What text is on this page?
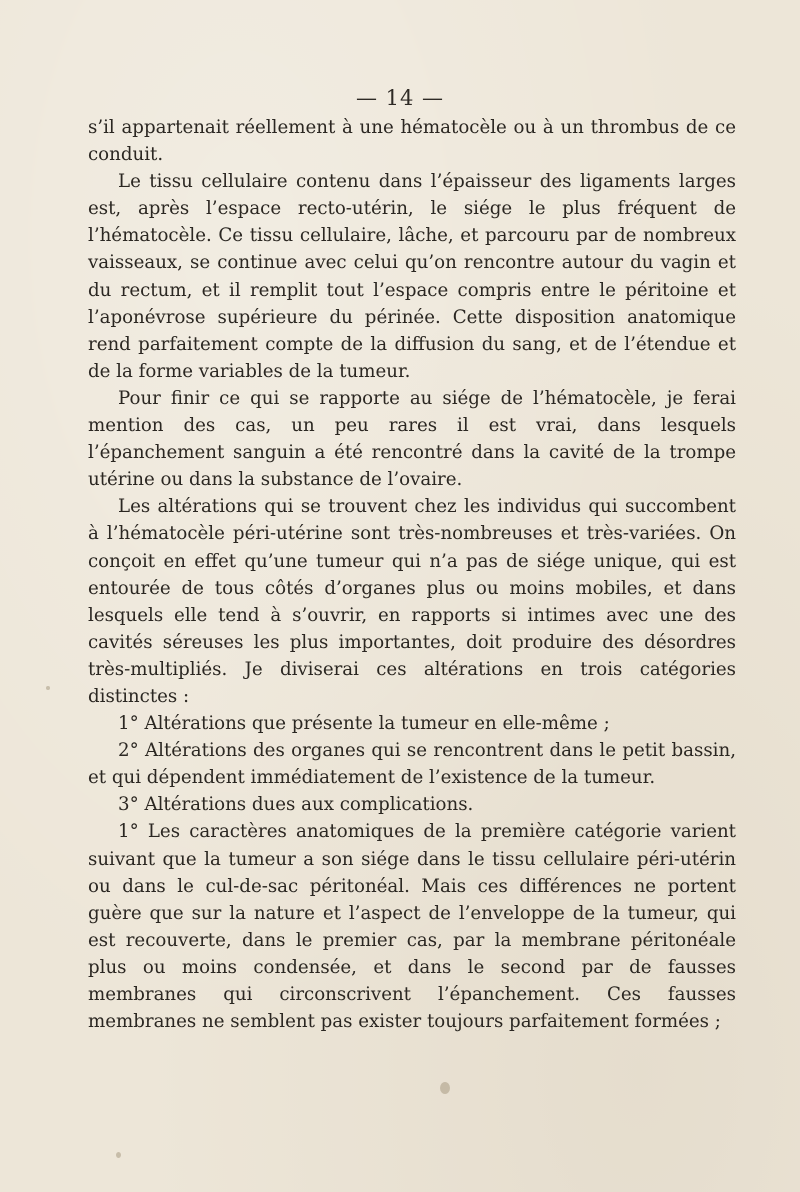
— 14 —

s’il appartenait réellement à une hématocèle ou à un thrombus de ce conduit.

Le tissu cellulaire contenu dans l’épaisseur des ligaments larges est, après l’espace recto-utérin, le siége le plus fréquent de l’hématocèle. Ce tissu cellulaire, lâche, et parcouru par de nombreux vaisseaux, se continue avec celui qu’on rencontre autour du vagin et du rectum, et il remplit tout l’espace compris entre le péritoine et l’aponévrose supérieure du périnée. Cette disposition anatomique rend parfaitement compte de la diffusion du sang, et de l’étendue et de la forme variables de la tumeur.

Pour finir ce qui se rapporte au siége de l’hématocèle, je ferai mention des cas, un peu rares il est vrai, dans lesquels l’épanchement sanguin a été rencontré dans la cavité de la trompe utérine ou dans la substance de l’ovaire.

Les altérations qui se trouvent chez les individus qui succombent à l’hématocèle péri-utérine sont très-nombreuses et très-variées. On conçoit en effet qu’une tumeur qui n’a pas de siége unique, qui est entourée de tous côtés d’organes plus ou moins mobiles, et dans lesquels elle tend à s’ouvrir, en rapports si intimes avec une des cavités séreuses les plus importantes, doit produire des désordres très-multipliés. Je diviserai ces altérations en trois catégories distinctes :

1° Altérations que présente la tumeur en elle-même ;

2° Altérations des organes qui se rencontrent dans le petit bassin, et qui dépendent immédiatement de l’existence de la tumeur.

3° Altérations dues aux complications.

1° Les caractères anatomiques de la première catégorie varient suivant que la tumeur a son siége dans le tissu cellulaire péri-utérin ou dans le cul-de-sac péritonéal. Mais ces différences ne portent guère que sur la nature et l’aspect de l’enveloppe de la tumeur, qui est recouverte, dans le premier cas, par la membrane péritonéale plus ou moins condensée, et dans le second par de fausses membranes qui circonscrivent l’épanchement. Ces fausses membranes ne semblent pas exister toujours parfaitement formées ;
